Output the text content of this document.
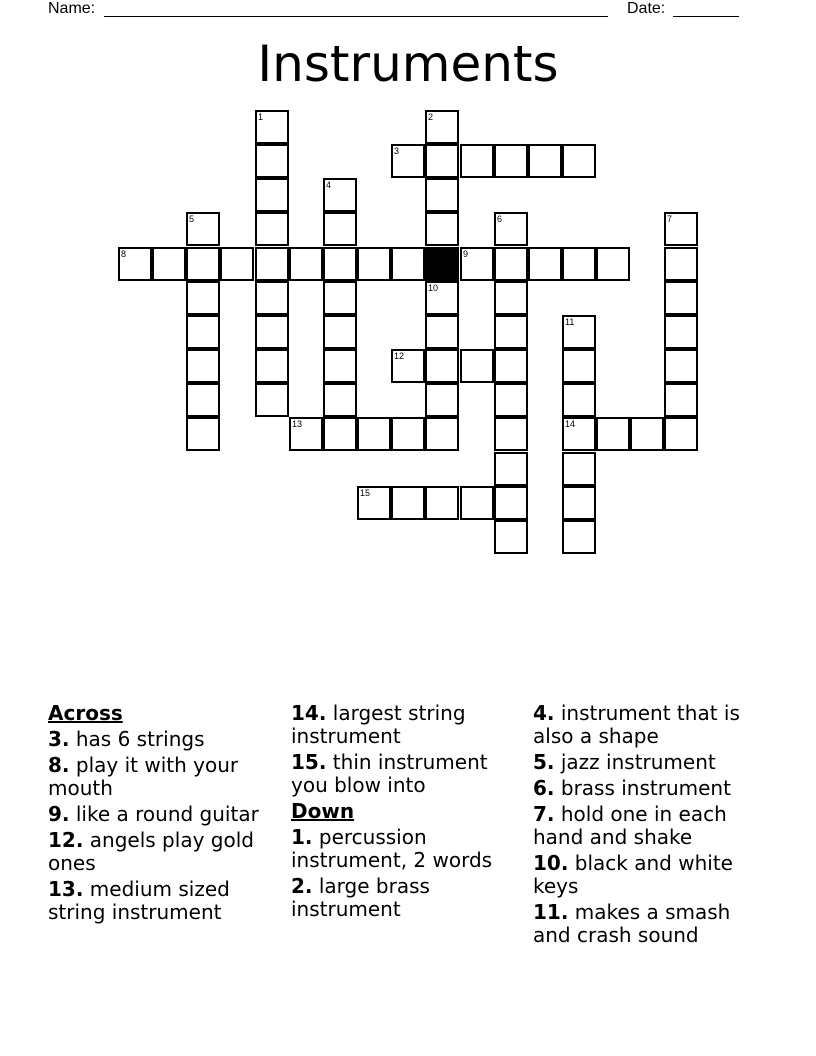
Name:	Date:
Instruments
1	2
3
4
5	6	7
8	9
10
11
14
12
13
15
Across
3. has 6 strings
8. play it with your mouth
9. like a round guitar
12. angels play gold ones
13. medium sized string instrument
14. largest string instrument
15. thin instrument you blow into
Down
1. percussion instrument, 2 words
2. large brass instrument
4. instrument that is also a shape
5. jazz instrument
6. brass instrument
7. hold one in each hand and shake
10. black and white keys
11. makes a smash and crash sound
